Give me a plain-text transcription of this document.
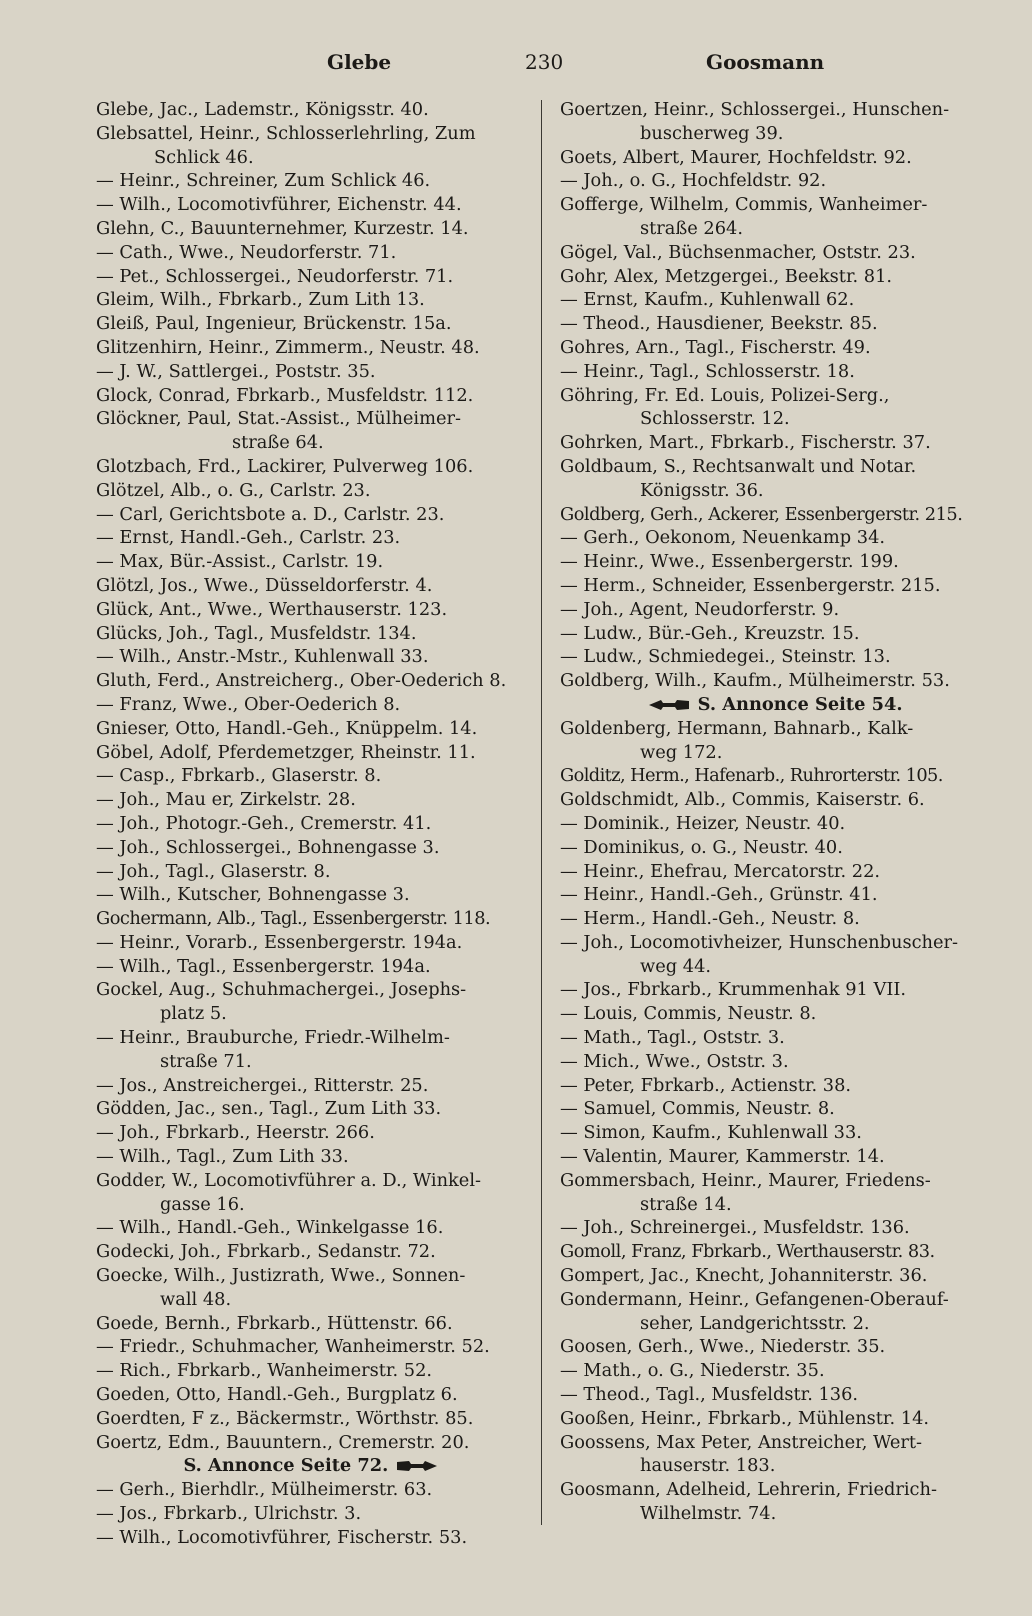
Glebe	230	Goosmann
Glebe, Jac., Lademstr., Königsstr. 40.
Glebsattel, Heinr., Schlosserlehrling, Zum
Schlick 46.
— Heinr., Schreiner, Zum Schlick 46.
— Wilh., Locomotivführer, Eichenstr. 44.
Glehn, C., Bauunternehmer, Kurzestr. 14.
— Cath., Wwe., Neudorferstr. 71.
— Pet., Schlossergei., Neudorferstr. 71.
Gleim, Wilh., Fbrkarb., Zum Lith 13.
Gleiß, Paul, Ingenieur, Brückenstr. 15a.
Glitzenhirn, Heinr., Zimmerm., Neustr. 48.
— J. W., Sattlergei., Poststr. 35.
Glock, Conrad, Fbrkarb., Musfeldstr. 112.
Glöckner, Paul, Stat.-Assist., Mülheimer-
straße 64.
Glotzbach, Frd., Lackirer, Pulverweg 106.
Glötzel, Alb., o. G., Carlstr. 23.
— Carl, Gerichtsbote a. D., Carlstr. 23.
— Ernst, Handl.-Geh., Carlstr. 23.
— Max, Bür.-Assist., Carlstr. 19.
Glötzl, Jos., Wwe., Düsseldorferstr. 4.
Glück, Ant., Wwe., Werthauserstr. 123.
Glücks, Joh., Tagl., Musfeldstr. 134.
— Wilh., Anstr.-Mstr., Kuhlenwall 33.
Gluth, Ferd., Anstreicherg., Ober-Oederich 8.
— Franz, Wwe., Ober-Oederich 8.
Gnieser, Otto, Handl.-Geh., Knüppelm. 14.
Göbel, Adolf, Pferdemetzger, Rheinstr. 11.
— Casp., Fbrkarb., Glaserstr. 8.
— Joh., Mau er, Zirkelstr. 28.
— Joh., Photogr.-Geh., Cremerstr. 41.
— Joh., Schlossergei., Bohnengasse 3.
— Joh., Tagl., Glaserstr. 8.
— Wilh., Kutscher, Bohnengasse 3.
Gochermann, Alb., Tagl., Essenbergerstr. 118.
— Heinr., Vorarb., Essenbergerstr. 194a.
— Wilh., Tagl., Essenbergerstr. 194a.
Gockel, Aug., Schuhmachergei., Josephs-
platz 5.
— Heinr., Brauburche, Friedr.-Wilhelm-
straße 71.
— Jos., Anstreichergei., Ritterstr. 25.
Gödden, Jac., sen., Tagl., Zum Lith 33.
— Joh., Fbrkarb., Heerstr. 266.
— Wilh., Tagl., Zum Lith 33.
Godder, W., Locomotivführer a. D., Winkel-
gasse 16.
— Wilh., Handl.-Geh., Winkelgasse 16.
Godecki, Joh., Fbrkarb., Sedanstr. 72.
Goecke, Wilh., Justizrath, Wwe., Sonnen-
wall 48.
Goede, Bernh., Fbrkarb., Hüttenstr. 66.
— Friedr., Schuhmacher, Wanheimerstr. 52.
— Rich., Fbrkarb., Wanheimerstr. 52.
Goeden, Otto, Handl.-Geh., Burgplatz 6.
Goerdten, F z., Bäckermstr., Wörthstr. 85.
Goertz, Edm., Bauuntern., Cremerstr. 20.
S. Annonce Seite 72.
— Gerh., Bierhdlr., Mülheimerstr. 63.
— Jos., Fbrkarb., Ulrichstr. 3.
— Wilh., Locomotivführer, Fischerstr. 53.
Goertzen, Heinr., Schlossergei., Hunschen-
buscherweg 39.
Goets, Albert, Maurer, Hochfeldstr. 92.
— Joh., o. G., Hochfeldstr. 92.
Gofferge, Wilhelm, Commis, Wanheimer-
straße 264.
Gögel, Val., Büchsenmacher, Oststr. 23.
Gohr, Alex, Metzgergei., Beekstr. 81.
— Ernst, Kaufm., Kuhlenwall 62.
— Theod., Hausdiener, Beekstr. 85.
Gohres, Arn., Tagl., Fischerstr. 49.
— Heinr., Tagl., Schlosserstr. 18.
Göhring, Fr. Ed. Louis, Polizei-Serg.,
Schlosserstr. 12.
Gohrken, Mart., Fbrkarb., Fischerstr. 37.
Goldbaum, S., Rechtsanwalt und Notar.
Königsstr. 36.
Goldberg, Gerh., Ackerer, Essenbergerstr. 215.
— Gerh., Oekonom, Neuenkamp 34.
— Heinr., Wwe., Essenbergerstr. 199.
— Herm., Schneider, Essenbergerstr. 215.
— Joh., Agent, Neudorferstr. 9.
— Ludw., Bür.-Geh., Kreuzstr. 15.
— Ludw., Schmiedegei., Steinstr. 13.
Goldberg, Wilh., Kaufm., Mülheimerstr. 53.
S. Annonce Seite 54.
Goldenberg, Hermann, Bahnarb., Kalk-
weg 172.
Golditz, Herm., Hafenarb., Ruhrorterstr. 105.
Goldschmidt, Alb., Commis, Kaiserstr. 6.
— Dominik., Heizer, Neustr. 40.
— Dominikus, o. G., Neustr. 40.
— Heinr., Ehefrau, Mercatorstr. 22.
— Heinr., Handl.-Geh., Grünstr. 41.
— Herm., Handl.-Geh., Neustr. 8.
— Joh., Locomotivheizer, Hunschenbuscher-
weg 44.
— Jos., Fbrkarb., Krummenhak 91 VII.
— Louis, Commis, Neustr. 8.
— Math., Tagl., Oststr. 3.
— Mich., Wwe., Oststr. 3.
— Peter, Fbrkarb., Actienstr. 38.
— Samuel, Commis, Neustr. 8.
— Simon, Kaufm., Kuhlenwall 33.
— Valentin, Maurer, Kammerstr. 14.
Gommersbach, Heinr., Maurer, Friedens-
straße 14.
— Joh., Schreinergei., Musfeldstr. 136.
Gomoll, Franz, Fbrkarb., Werthauserstr. 83.
Gompert, Jac., Knecht, Johanniterstr. 36.
Gondermann, Heinr., Gefangenen-Oberauf-
seher, Landgerichtsstr. 2.
Goosen, Gerh., Wwe., Niederstr. 35.
— Math., o. G., Niederstr. 35.
— Theod., Tagl., Musfeldstr. 136.
Gooßen, Heinr., Fbrkarb., Mühlenstr. 14.
Goossens, Max Peter, Anstreicher, Wert-
hauserstr. 183.
Goosmann, Adelheid, Lehrerin, Friedrich-
Wilhelmstr. 74.
